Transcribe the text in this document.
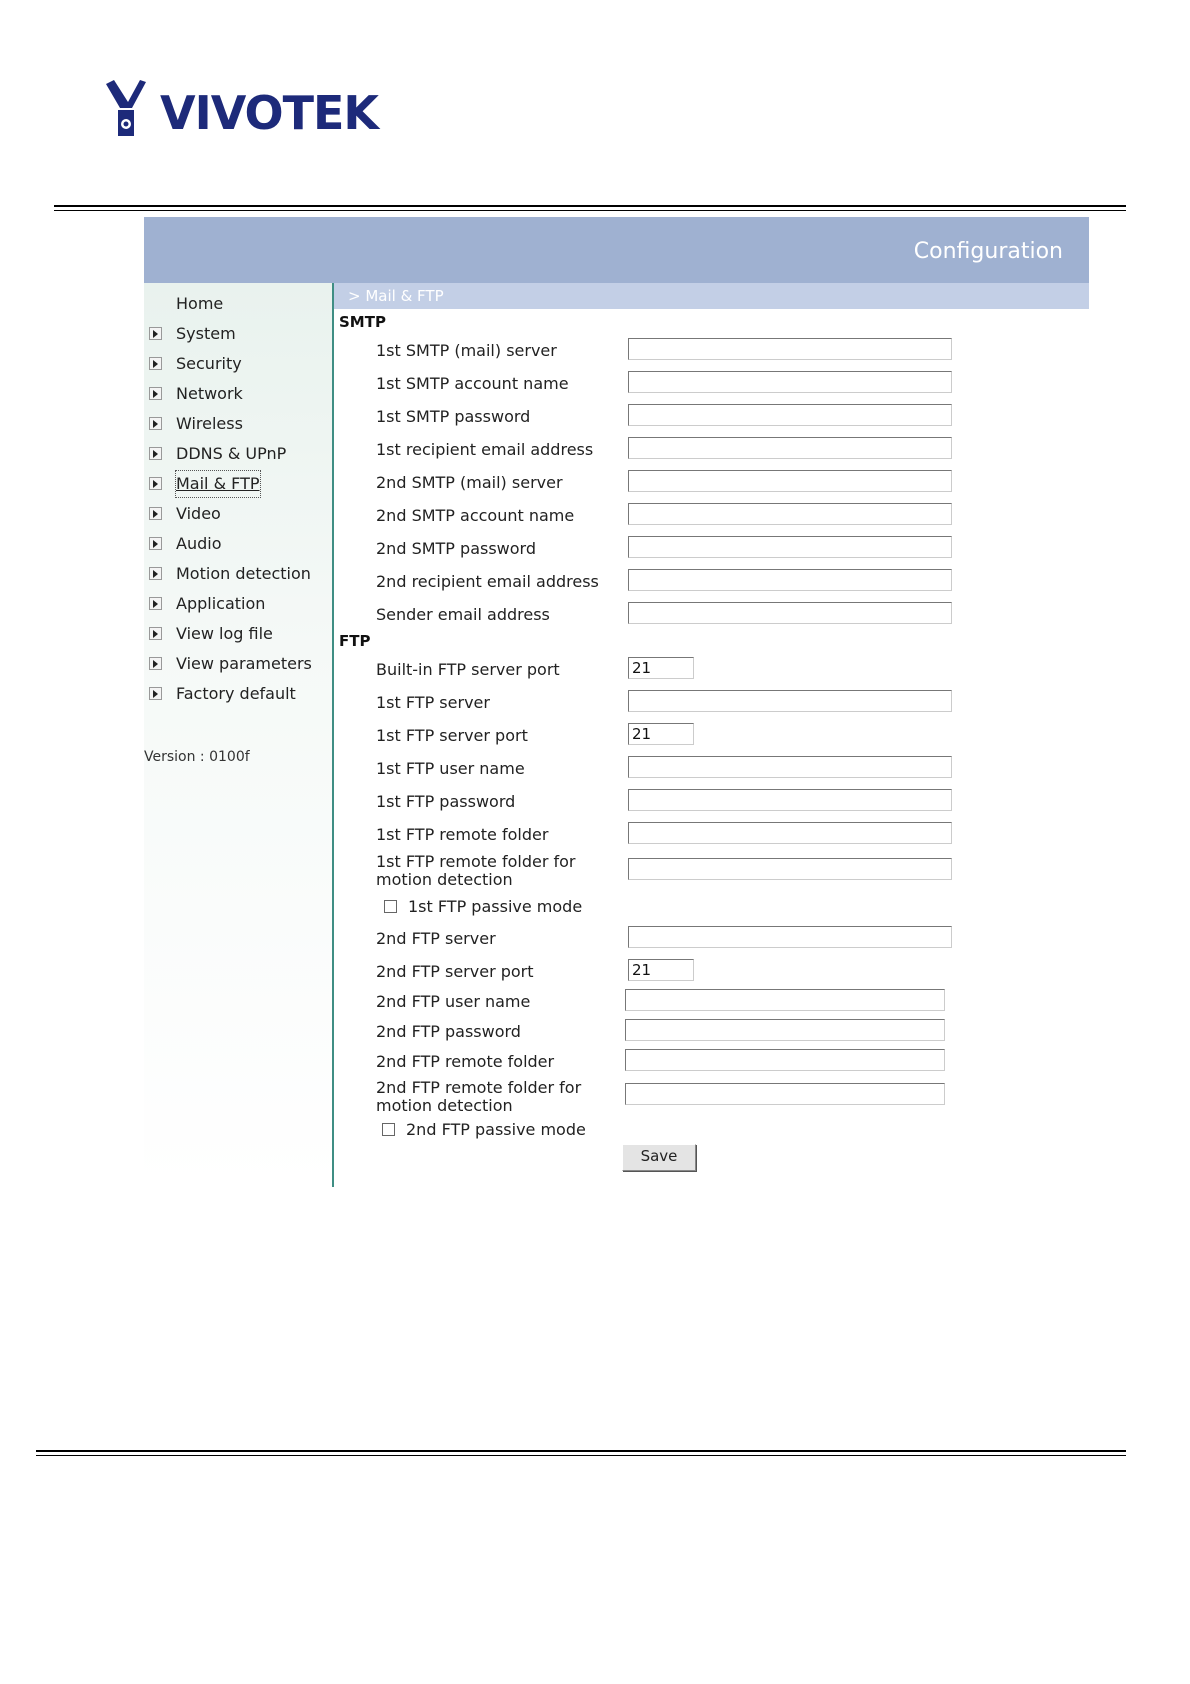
VIVOTEK
Configuration
> Mail & FTP
Home
System
Security
Network
Wireless
DDNS & UPnP
Mail & FTP
Video
Audio
Motion detection
Application
View log file
View parameters
Factory default
Version : 0100f
SMTP
1st SMTP (mail) server
1st SMTP account name
1st SMTP password
1st recipient email address
2nd SMTP (mail) server
2nd SMTP account name
2nd SMTP password
2nd recipient email address
Sender email address
FTP
Built-in FTP server port
21
1st FTP server
1st FTP server port
21
1st FTP user name
1st FTP password
1st FTP remote folder
1st FTP remote folder for
motion detection
1st FTP passive mode
2nd FTP server
2nd FTP server port
21
2nd FTP user name
2nd FTP password
2nd FTP remote folder
2nd FTP remote folder for
motion detection
2nd FTP passive mode
Save
